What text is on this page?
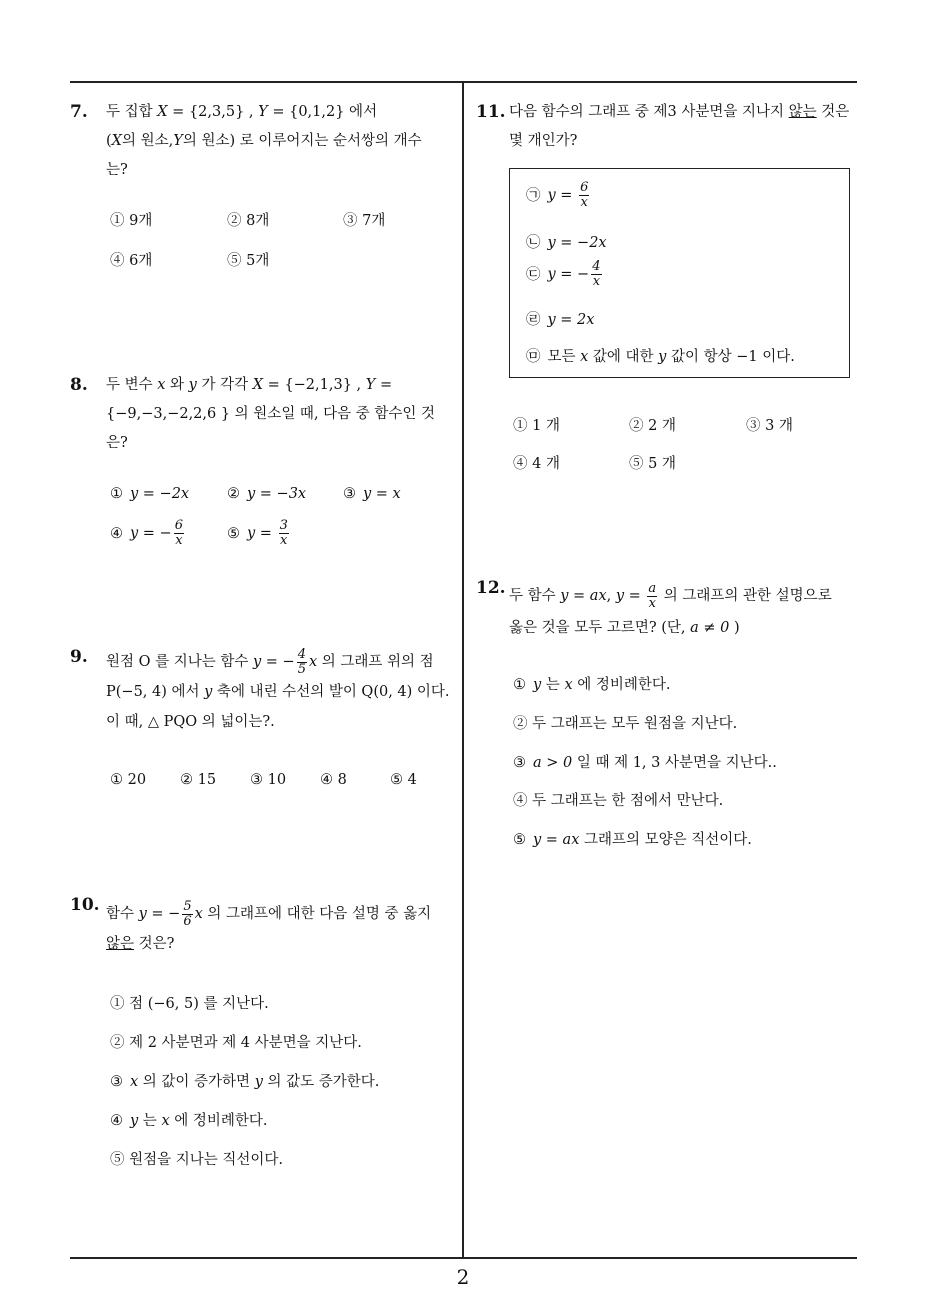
2
7. 두 집합 X = {2,3,5} , Y = {0,1,2} 에서
(X의 원소,Y의 원소) 로 이루어지는 순서쌍의 개수
는?
① 9개	② 8개	③ 7개
④ 6개	⑤ 5개
8. 두 변수 x 와 y 가 각각 X = {−2,1,3} , Y =
{−9,−3,−2,2,6 } 의 원소일 때, 다음 중 함수인 것
은?
① y = −2x	② y = −3x	③ y = x
④ y = − $\frac{6}{x}$	⑤ $y = \frac{3}{x}$
9. 원점 O 를 지나는 함수 y = − $\frac{4}{5}$ x 의 그래프 위의 점
P(−5, 4) 에서 y 축에 내린 수선의 발이 Q(0, 4) 이다.
이 때, △ PQO 의 넓이는?.
① 20 ② 15 ③ 10 ④ 8	⑤ 4
10. 함수 y = − $\frac{5}{6}$ x 의 그래프에 대한 다음 설명 중 옳지
않은 것은?
① 점 (−6, 5) 를 지난다.
② 제 2 사분면과 제 4 사분면을 지난다.
③ x 의 값이 증가하면 y 의 값도 증가한다.
④ y 는 x 에 정비례한다.
⑤ 원점을 지나는 직선이다.
11. 다음 함수의 그래프 중 제3 사분면을 지나지 않는 것은
몇 개인가?
㉠ $y = \frac{6}{x}$
㉡ y = −2x
㉢ y = − $\frac{4}{x}$
㉣ y = 2x
㉤ 모든 x 값에 대한 y 값이 항상 −1 이다.
① 1 개	② 2 개	③ 3 개
④ 4 개	⑤ 5 개
12. 두 함수 y = ax, $y = \frac{a}{x}$ 의 그래프의 관한 설명으로
옳은 것을 모두 고르면? (단, a ≠ 0 )
① y 는 x 에 정비례한다.
② 두 그래프는 모두 원점을 지난다.
③ a > 0 일 때 제 1, 3 사분면을 지난다..
④ 두 그래프는 한 점에서 만난다.
⑤ y = ax 그래프의 모양은 직선이다.
